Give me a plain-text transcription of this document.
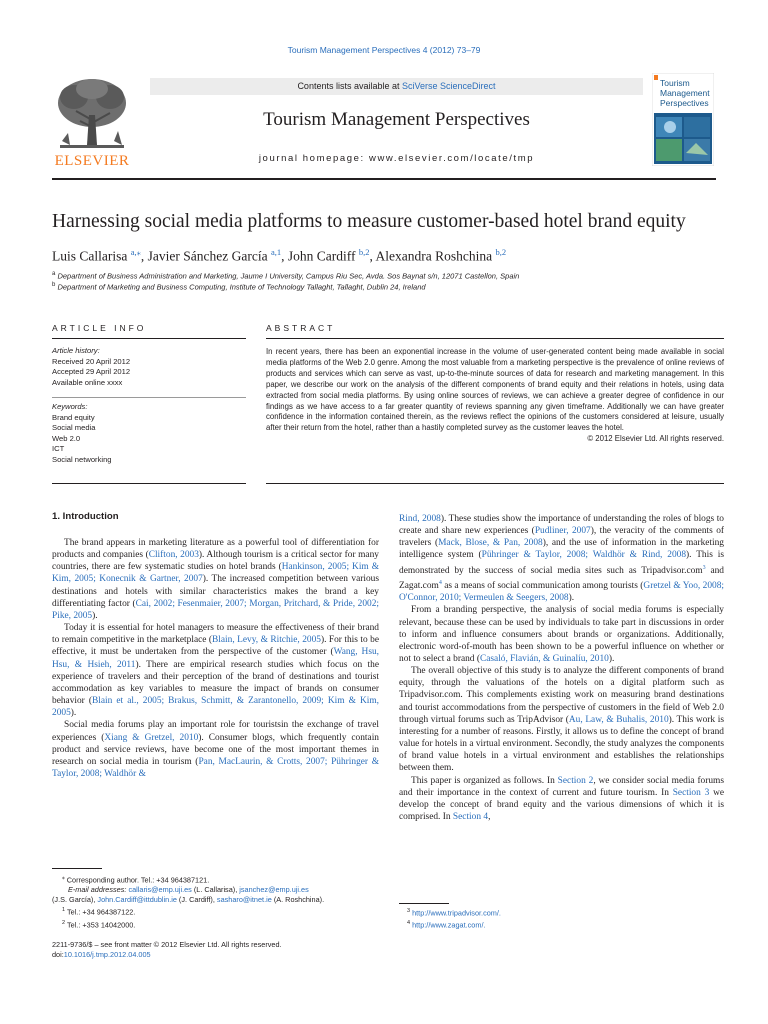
Tourism Management Perspectives 4 (2012) 73–79
ELSEVIER
Contents lists available at SciVerse ScienceDirect
Tourism Management Perspectives
journal homepage: www.elsevier.com/locate/tmp
Tourism
Management
Perspectives
Harnessing social media platforms to measure customer-based hotel brand equity
Luis Callarisa $^{a,⁎}$, Javier Sánchez García $^{a,1}$, John Cardiff $^{b,2}$, Alexandra Roshchina $^{b,2}$
$^a$ Department of Business Administration and Marketing, Jaume I University, Campus Riu Sec, Avda. Sos Baynat s/n, 12071 Castellon, Spain
$^b$ Department of Marketing and Business Computing, Institute of Technology Tallaght, Tallaght, Dublin 24, Ireland
ARTICLE INFO
Article history:
Received 20 April 2012
Accepted 29 April 2012
Available online xxxx
Keywords:
Brand equity
Social media
Web 2.0
ICT
Social networking
ABSTRACT
In recent years, there has been an exponential increase in the volume of user-generated content being made available in social media platforms of the Web 2.0 genre. Among the most valuable from a marketing perspective is the prevalence of online reviews of products and services which can serve as vast, up-to-the-minute sources of data for research and marketing management. In this paper, we describe our work on the analysis of the different components of brand equity and their relations in hotels, using data extracted from social media platforms. By using online sources of reviews, we can achieve a greater degree of confidence in our findings as we have access to a far greater quantity of reviews spanning any given timeframe. Additionally we can have greater confidence in the information contained therein, as the reviews reflect the opinions of the customers considered at leisure, usually after their return from the hotel, rather than a hastily completed survey as the customer leaves the hotel.
© 2012 Elsevier Ltd. All rights reserved.
1. Introduction

The brand appears in marketing literature as a powerful tool of differentiation for products and companies (Clifton, 2003). Although tourism is a critical sector for many countries, there are few systematic studies on hotel brands (Hankinson, 2005; Kim & Kim, 2005; Konecnik & Gartner, 2007). The increased competition between various destinations and hotels with similar characteristics makes the brand a key differentiating factor (Cai, 2002; Fesenmaier, 2007; Morgan, Pritchard, & Pride, 2002; Pike, 2005).

Today it is essential for hotel managers to measure the effectiveness of their brand to remain competitive in the marketplace (Blain, Levy, & Ritchie, 2005). For this to be effective, it must be undertaken from the perspective of the customer (Wang, Hsu, Hsu, & Hsieh, 2011). There are empirical research studies which focus on the experience of travelers and their perception of the brand of destinations and tourist accommodation as key variables to measure the impact of brands on consumer behavior (Blain et al., 2005; Brakus, Schmitt, & Zarantonello, 2009; Kim & Kim, 2005).

Social media forums play an important role for touristsin the exchange of travel experiences (Xiang & Gretzel, 2010). Consumer blogs, which frequently contain product and service reviews, have become one of the most important themes in research on social media in tourism (Pan, MacLaurin, & Crotts, 2007; Pühringer & Taylor, 2008; Waldhör &

Rind, 2008). These studies show the importance of understanding the roles of blogs to create and share new experiences (Pudliner, 2007), the veracity of the comments of travelers (Mack, Blose, & Pan, 2008), and the use of information in the marketing intelligence system (Pühringer & Taylor, 2008; Waldhör & Rind, 2008). This is demonstrated by the success of social media sites such as Tripadvisor.com$^3$ and Zagat.com$^4$ as a means of social communication among tourists (Gretzel & Yoo, 2008; O'Connor, 2010; Vermeulen & Seegers, 2008).

From a branding perspective, the analysis of social media forums is especially relevant, because these can be used by individuals to take part in discussions in order to inform and influence consumers about brands or organizations. Additionally, electronic word-of-mouth has been shown to be a powerful influence on whether or not to select a brand (Casaló, Flavián, & Guinalíu, 2010).

The overall objective of this study is to analyze the different components of brand equity, through the valuations of the hotels on a digital platform such as Tripadvisor.com. This complements existing work on measuring brand destinations and tourist accommodations from the perspective of customers in the field of Web 2.0 through virtual forums such as TripAdvisor (Au, Law, & Buhalis, 2010). This work is interesting for a number of reasons. Firstly, it allows us to define the concept of brand value for hotels in a virtual environment. Secondly, the study analyzes the components of brand value hotels in a virtual environment and establishes the relationships between them.

This paper is organized as follows. In Section 2, we consider social media forums and their importance in the context of current and future tourism. In Section 3 we develop the concept of brand equity and the various dimensions of which it is comprised. In Section 4,

⁎ Corresponding author. Tel.: +34 964387121.
E-mail addresses: callaris@emp.uji.es (L. Callarisa), jsanchez@emp.uji.es
(J.S. García), John.Cardiff@ittdublin.ie (J. Cardiff), sasharo@itnet.ie (A. Roshchina).
$^1$ Tel.: +34 964387122.
$^2$ Tel.: +353 14042000.
2211-9736/$ – see front matter © 2012 Elsevier Ltd. All rights reserved.
doi:10.1016/j.tmp.2012.04.005
$^3$ http://www.tripadvisor.com/.
$^4$ http://www.zagat.com/.
